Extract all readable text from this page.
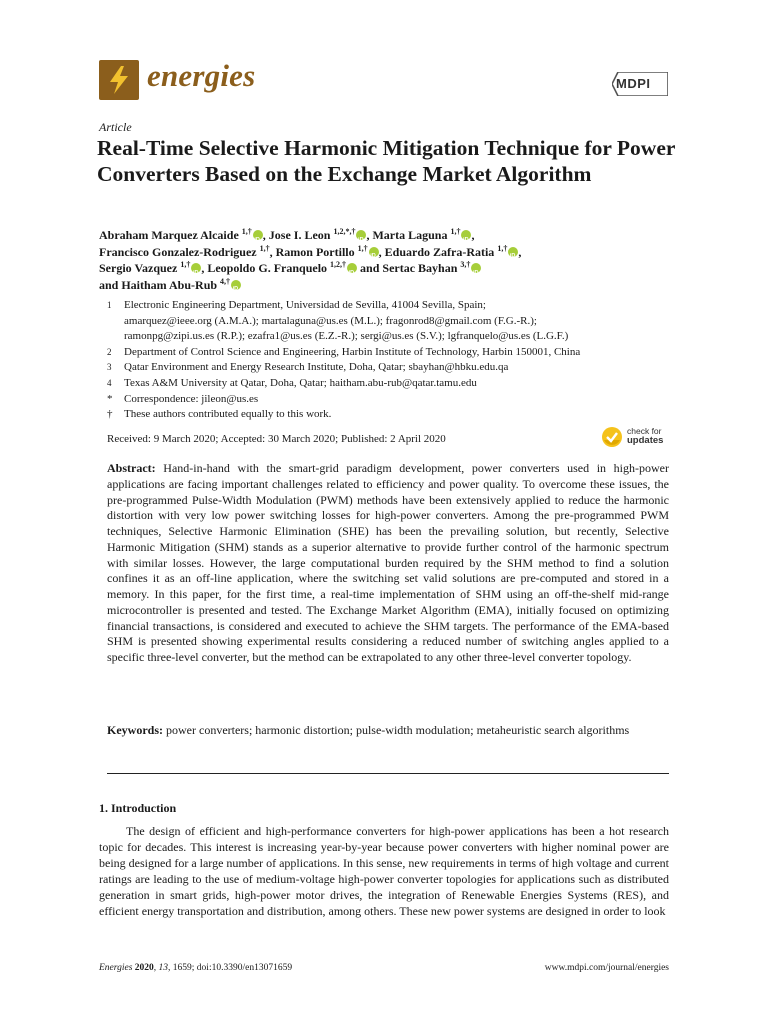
energies	MDPI
Article
Real-Time Selective Harmonic Mitigation Technique for Power Converters Based on the Exchange Market Algorithm
Abraham Marquez Alcaide $^{1,\dagger}$ iD , Jose I. Leon $^{1,2,*,\dagger}$ iD , Marta Laguna $^{1,\dagger}$ iD ,
Francisco Gonzalez-Rodriguez $^{1,\dagger}$, Ramon Portillo $^{1,\dagger}$ iD , Eduardo Zafra-Ratia $^{1,\dagger}$ iD ,
Sergio Vazquez $^{1,\dagger}$ iD , Leopoldo G. Franquelo $^{1,2,\dagger}$iD and Sertac Bayhan $^{3,\dagger}$iD
and Haitham Abu-Rub $^{4,\dagger}$iD
1 Electronic Engineering Department, Universidad de Sevilla, 41004 Sevilla, Spain;
amarquez@ieee.org (A.M.A.); martalaguna@us.es (M.L.); fragonrod8@gmail.com (F.G.-R.);
ramonpg@zipi.us.es (R.P.); ezafra1@us.es (E.Z.-R.); sergi@us.es (S.V.); lgfranquelo@us.es (L.G.F.)
2 Department of Control Science and Engineering, Harbin Institute of Technology, Harbin 150001, China
3 Qatar Environment and Energy Research Institute, Doha, Qatar; sbayhan@hbku.edu.qa
4 Texas A&M University at Qatar, Doha, Qatar; haitham.abu-rub@qatar.tamu.edu
* Correspondence: jileon@us.es
† These authors contributed equally to this work.
Received: 9 March 2020; Accepted: 30 March 2020; Published: 2 April 2020
check for
updates
Abstract: Hand-in-hand with the smart-grid paradigm development, power converters used in high-power applications are facing important challenges related to efficiency and power quality. To overcome these issues, the pre-programmed Pulse-Width Modulation (PWM) methods have been extensively applied to reduce the harmonic distortion with very low power switching losses for high-power converters. Among the pre-programmed PWM techniques, Selective Harmonic Elimination (SHE) has been the prevailing solution, but recently, Selective Harmonic Mitigation (SHM) stands as a superior alternative to provide further control of the harmonic spectrum with similar losses. However, the large computational burden required by the SHM method to find a solution confines it as an off-line application, where the switching set valid solutions are pre-computed and stored in a memory. In this paper, for the first time, a real-time implementation of SHM using an off-the-shelf mid-range microcontroller is presented and tested. The Exchange Market Algorithm (EMA), initially focused on optimizing financial transactions, is considered and executed to achieve the SHM targets. The performance of the EMA-based SHM is presented showing experimental results considering a reduced number of switching angles applied to a specific three-level converter, but the method can be extrapolated to any other three-level converter topology.
Keywords: power converters; harmonic distortion; pulse-width modulation; metaheuristic search algorithms
1. Introduction
The design of efficient and high-performance converters for high-power applications has been a hot research topic for decades. This interest is increasing year-by-year because power converters with higher nominal power are being designed for a large number of applications. In this sense, new requirements in terms of high voltage and current ratings are leading to the use of medium-voltage high-power converter topologies for applications such as distributed generation in smart grids, high-power motor drives, the integration of Renewable Energies Systems (RES), and efficient energy transportation and distribution, among others. These new power systems are designed in order to look
Energies 2020, 13, 1659; doi:10.3390/en13071659	www.mdpi.com/journal/energies
